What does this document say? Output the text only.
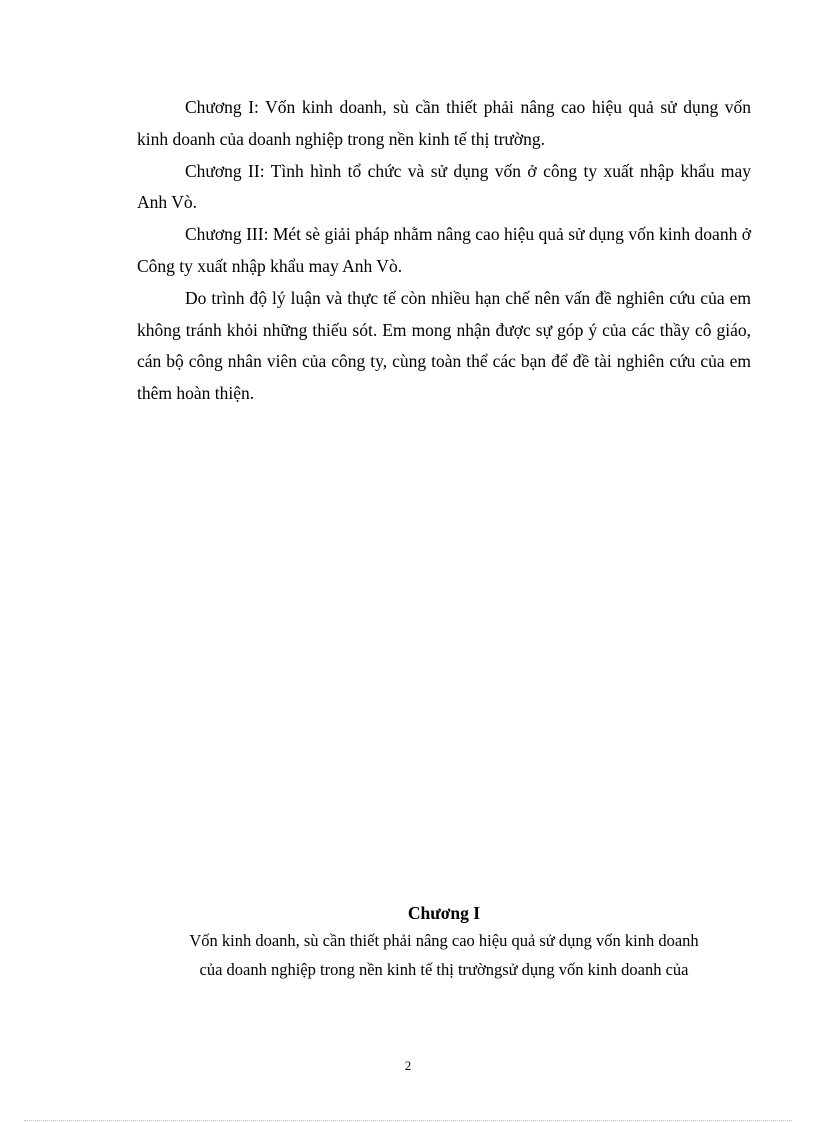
Chương I: Vốn kinh doanh, sù cần thiết phải nâng cao hiệu quả sử dụng vốn kinh doanh của doanh nghiệp trong nền kinh tế thị trường.

Chương II: Tình hình tổ chức và sử dụng vốn ở công ty xuất nhập khẩu may Anh Vò.

Chương III: Mét sè giải pháp nhằm nâng cao hiệu quả sử dụng vốn kinh doanh ở Công ty xuất nhập khẩu may Anh Vò.

Do trình độ lý luận và thực tế còn nhiều hạn chế nên vấn đề nghiên cứu của em không tránh khỏi những thiếu sót. Em mong nhận được sự góp ý của các thầy cô giáo, cán bộ công nhân viên của công ty, cùng toàn thể các bạn để đề tài nghiên cứu của em thêm hoàn thiện.

Chương I

Vốn kinh doanh, sù cần thiết phải nâng cao hiệu quả sử dụng vốn kinh doanh

của doanh nghiệp trong nền kinh tế thị trườngsử dụng vốn kinh doanh của

2
